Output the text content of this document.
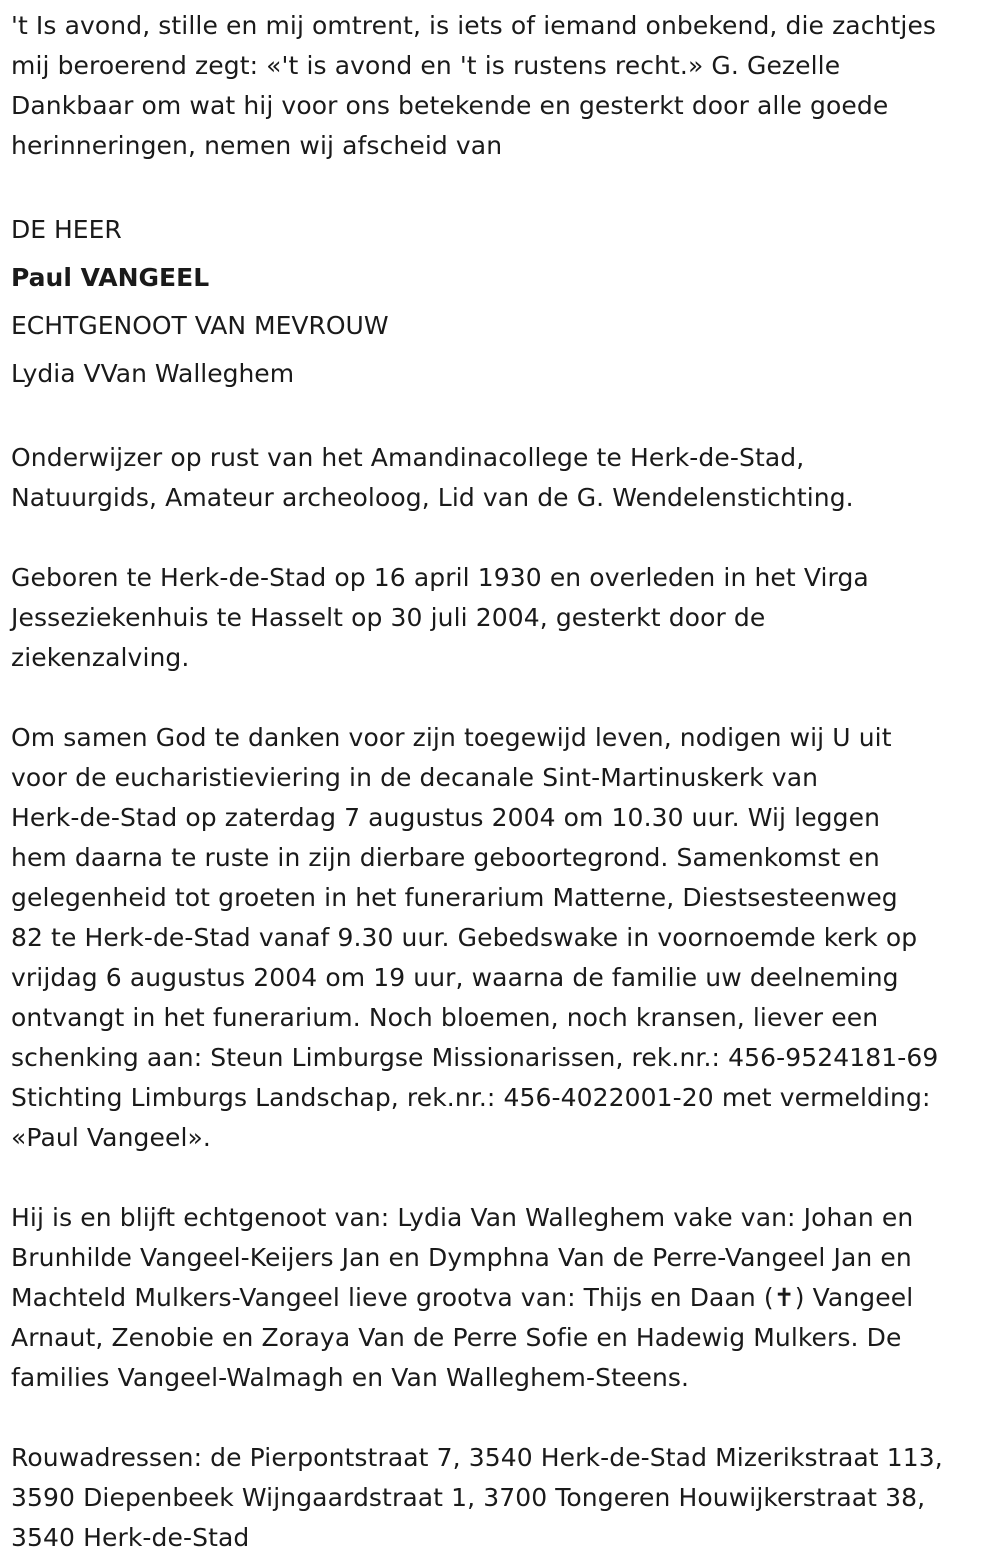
't Is avond, stille en mij omtrent, is iets of iemand onbekend, die zachtjes
mij beroerend zegt: «'t is avond en 't is rustens recht.» G. Gezelle
Dankbaar om wat hij voor ons betekende en gesterkt door alle goede
herinneringen, nemen wij afscheid van

DE HEER
Paul VANGEEL
ECHTGENOOT VAN MEVROUW
Lydia VVan Walleghem

Onderwijzer op rust van het Amandinacollege te Herk-de-Stad,
Natuurgids, Amateur archeoloog, Lid van de G. Wendelenstichting.

Geboren te Herk-de-Stad op 16 april 1930 en overleden in het Virga
Jesseziekenhuis te Hasselt op 30 juli 2004, gesterkt door de
ziekenzalving.

Om samen God te danken voor zijn toegewijd leven, nodigen wij U uit
voor de eucharistieviering in de decanale Sint-Martinuskerk van
Herk-de-Stad op zaterdag 7 augustus 2004 om 10.30 uur. Wij leggen
hem daarna te ruste in zijn dierbare geboortegrond. Samenkomst en
gelegenheid tot groeten in het funerarium Matterne, Diestsesteenweg
82 te Herk-de-Stad vanaf 9.30 uur. Gebedswake in voornoemde kerk op
vrijdag 6 augustus 2004 om 19 uur, waarna de familie uw deelneming
ontvangt in het funerarium. Noch bloemen, noch kransen, liever een
schenking aan: Steun Limburgse Missionarissen, rek.nr.: 456-9524181-69
Stichting Limburgs Landschap, rek.nr.: 456-4022001-20 met vermelding:
«Paul Vangeel».

Hij is en blijft echtgenoot van: Lydia Van Walleghem vake van: Johan en
Brunhilde Vangeel-Keijers Jan en Dymphna Van de Perre-Vangeel Jan en
Machteld Mulkers-Vangeel lieve grootva van: Thijs en Daan (✝) Vangeel
Arnaut, Zenobie en Zoraya Van de Perre Sofie en Hadewig Mulkers. De
families Vangeel-Walmagh en Van Walleghem-Steens.

Rouwadressen: de Pierpontstraat 7, 3540 Herk-de-Stad Mizerikstraat 113,
3590 Diepenbeek Wijngaardstraat 1, 3700 Tongeren Houwijkerstraat 38,
3540 Herk-de-Stad
